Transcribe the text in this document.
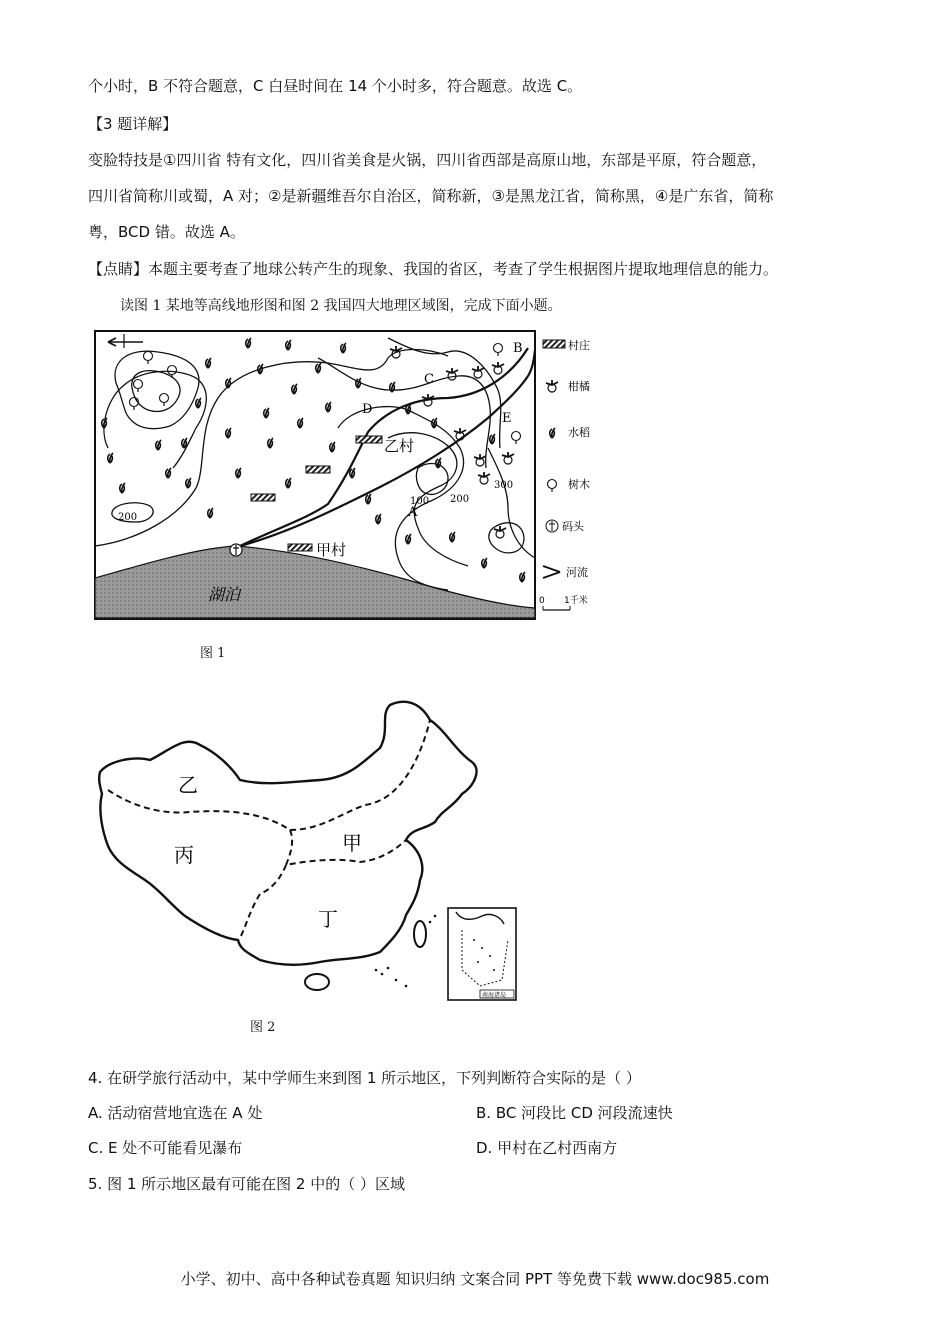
个小时，B 不符合题意，C 白昼时间在 14 个小时多，符合题意。故选 C。
【3 题详解】
变脸特技是①四川省 特有文化，四川省美食是火锅，四川省西部是高原山地，东部是平原，符合题意，
四川省简称川或蜀，A 对；②是新疆维吾尔自治区，简称新，③是黑龙江省，简称黑，④是广东省，简称
粤，BCD 错。故选 A。
【点睛】本题主要考查了地球公转产生的现象、我国的省区，考查了学生根据图片提取地理信息的能力。
读图 1 某地等高线地形图和图 2 我国四大地理区域图，完成下面小题。
湖泊
乙村
甲村
A
B
C
D
E
100 200
300
200
村庄
柑橘
水稻
树木
码头
河流
0 1千米
图 1
乙
甲
丙
丁
南海诸岛
图 2
4. 在研学旅行活动中，某中学师生来到图 1 所示地区，下列判断符合实际的是（ ）
A. 活动宿营地宜选在 A 处	B. BC 河段比 CD 河段流速快
C. E 处不可能看见瀑布	D. 甲村在乙村西南方
5. 图 1 所示地区最有可能在图 2 中的（ ）区域
小学、初中、高中各种试卷真题 知识归纳 文案合同 PPT 等免费下载 www.doc985.com
